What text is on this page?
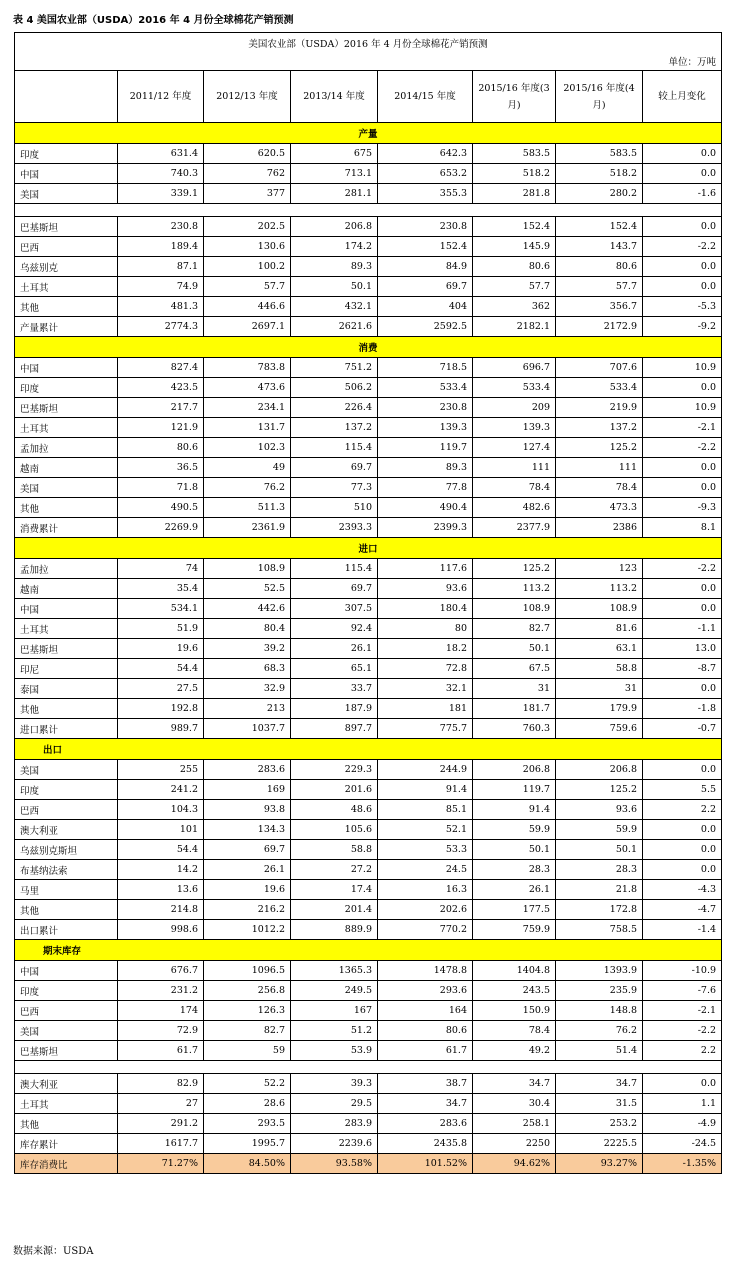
表 4 美国农业部（USDA）2016 年 4 月份全球棉花产销预测
美国农业部（USDA）2016 年 4 月份全球棉花产销预测							
单位：万吨							
	2011/12 年度	2012/13 年度	2013/14 年度	2014/15 年度	2015/16 年度(3月)	2015/16 年度(4月)	较上月变化
产量							
印度	631.4	620.5	675	642.3	583.5	583.5	0.0
中国	740.3	762	713.1	653.2	518.2	518.2	0.0
美国	339.1	377	281.1	355.3	281.8	280.2	-1.6

巴基斯坦	230.8	202.5	206.8	230.8	152.4	152.4	0.0
巴西	189.4	130.6	174.2	152.4	145.9	143.7	-2.2
乌兹别克	87.1	100.2	89.3	84.9	80.6	80.6	0.0
土耳其	74.9	57.7	50.1	69.7	57.7	57.7	0.0
其他	481.3	446.6	432.1	404	362	356.7	-5.3
产量累计	2774.3	2697.1	2621.6	2592.5	2182.1	2172.9	-9.2
消费							
中国	827.4	783.8	751.2	718.5	696.7	707.6	10.9
印度	423.5	473.6	506.2	533.4	533.4	533.4	0.0
巴基斯坦	217.7	234.1	226.4	230.8	209	219.9	10.9
土耳其	121.9	131.7	137.2	139.3	139.3	137.2	-2.1
孟加拉	80.6	102.3	115.4	119.7	127.4	125.2	-2.2
越南	36.5	49	69.7	89.3	111	111	0.0
美国	71.8	76.2	77.3	77.8	78.4	78.4	0.0
其他	490.5	511.3	510	490.4	482.6	473.3	-9.3
消费累计	2269.9	2361.9	2393.3	2399.3	2377.9	2386	8.1
进口							
孟加拉	74	108.9	115.4	117.6	125.2	123	-2.2
越南	35.4	52.5	69.7	93.6	113.2	113.2	0.0
中国	534.1	442.6	307.5	180.4	108.9	108.9	0.0
土耳其	51.9	80.4	92.4	80	82.7	81.6	-1.1
巴基斯坦	19.6	39.2	26.1	18.2	50.1	63.1	13.0
印尼	54.4	68.3	65.1	72.8	67.5	58.8	-8.7
泰国	27.5	32.9	33.7	32.1	31	31	0.0
其他	192.8	213	187.9	181	181.7	179.9	-1.8
进口累计	989.7	1037.7	897.7	775.7	760.3	759.6	-0.7
出口							
美国	255	283.6	229.3	244.9	206.8	206.8	0.0
印度	241.2	169	201.6	91.4	119.7	125.2	5.5
巴西	104.3	93.8	48.6	85.1	91.4	93.6	2.2
澳大利亚	101	134.3	105.6	52.1	59.9	59.9	0.0
乌兹别克斯坦	54.4	69.7	58.8	53.3	50.1	50.1	0.0
布基纳法索	14.2	26.1	27.2	24.5	28.3	28.3	0.0
马里	13.6	19.6	17.4	16.3	26.1	21.8	-4.3
其他	214.8	216.2	201.4	202.6	177.5	172.8	-4.7
出口累计	998.6	1012.2	889.9	770.2	759.9	758.5	-1.4
期末库存							
中国	676.7	1096.5	1365.3	1478.8	1404.8	1393.9	-10.9
印度	231.2	256.8	249.5	293.6	243.5	235.9	-7.6
巴西	174	126.3	167	164	150.9	148.8	-2.1
美国	72.9	82.7	51.2	80.6	78.4	76.2	-2.2
巴基斯坦	61.7	59	53.9	61.7	49.2	51.4	2.2

澳大利亚	82.9	52.2	39.3	38.7	34.7	34.7	0.0
土耳其	27	28.6	29.5	34.7	30.4	31.5	1.1
其他	291.2	293.5	283.9	283.6	258.1	253.2	-4.9
库存累计	1617.7	1995.7	2239.6	2435.8	2250	2225.5	-24.5
库存消费比	71.27%	84.50%	93.58%	101.52%	94.62%	93.27%	-1.35%
数据来源：USDA
